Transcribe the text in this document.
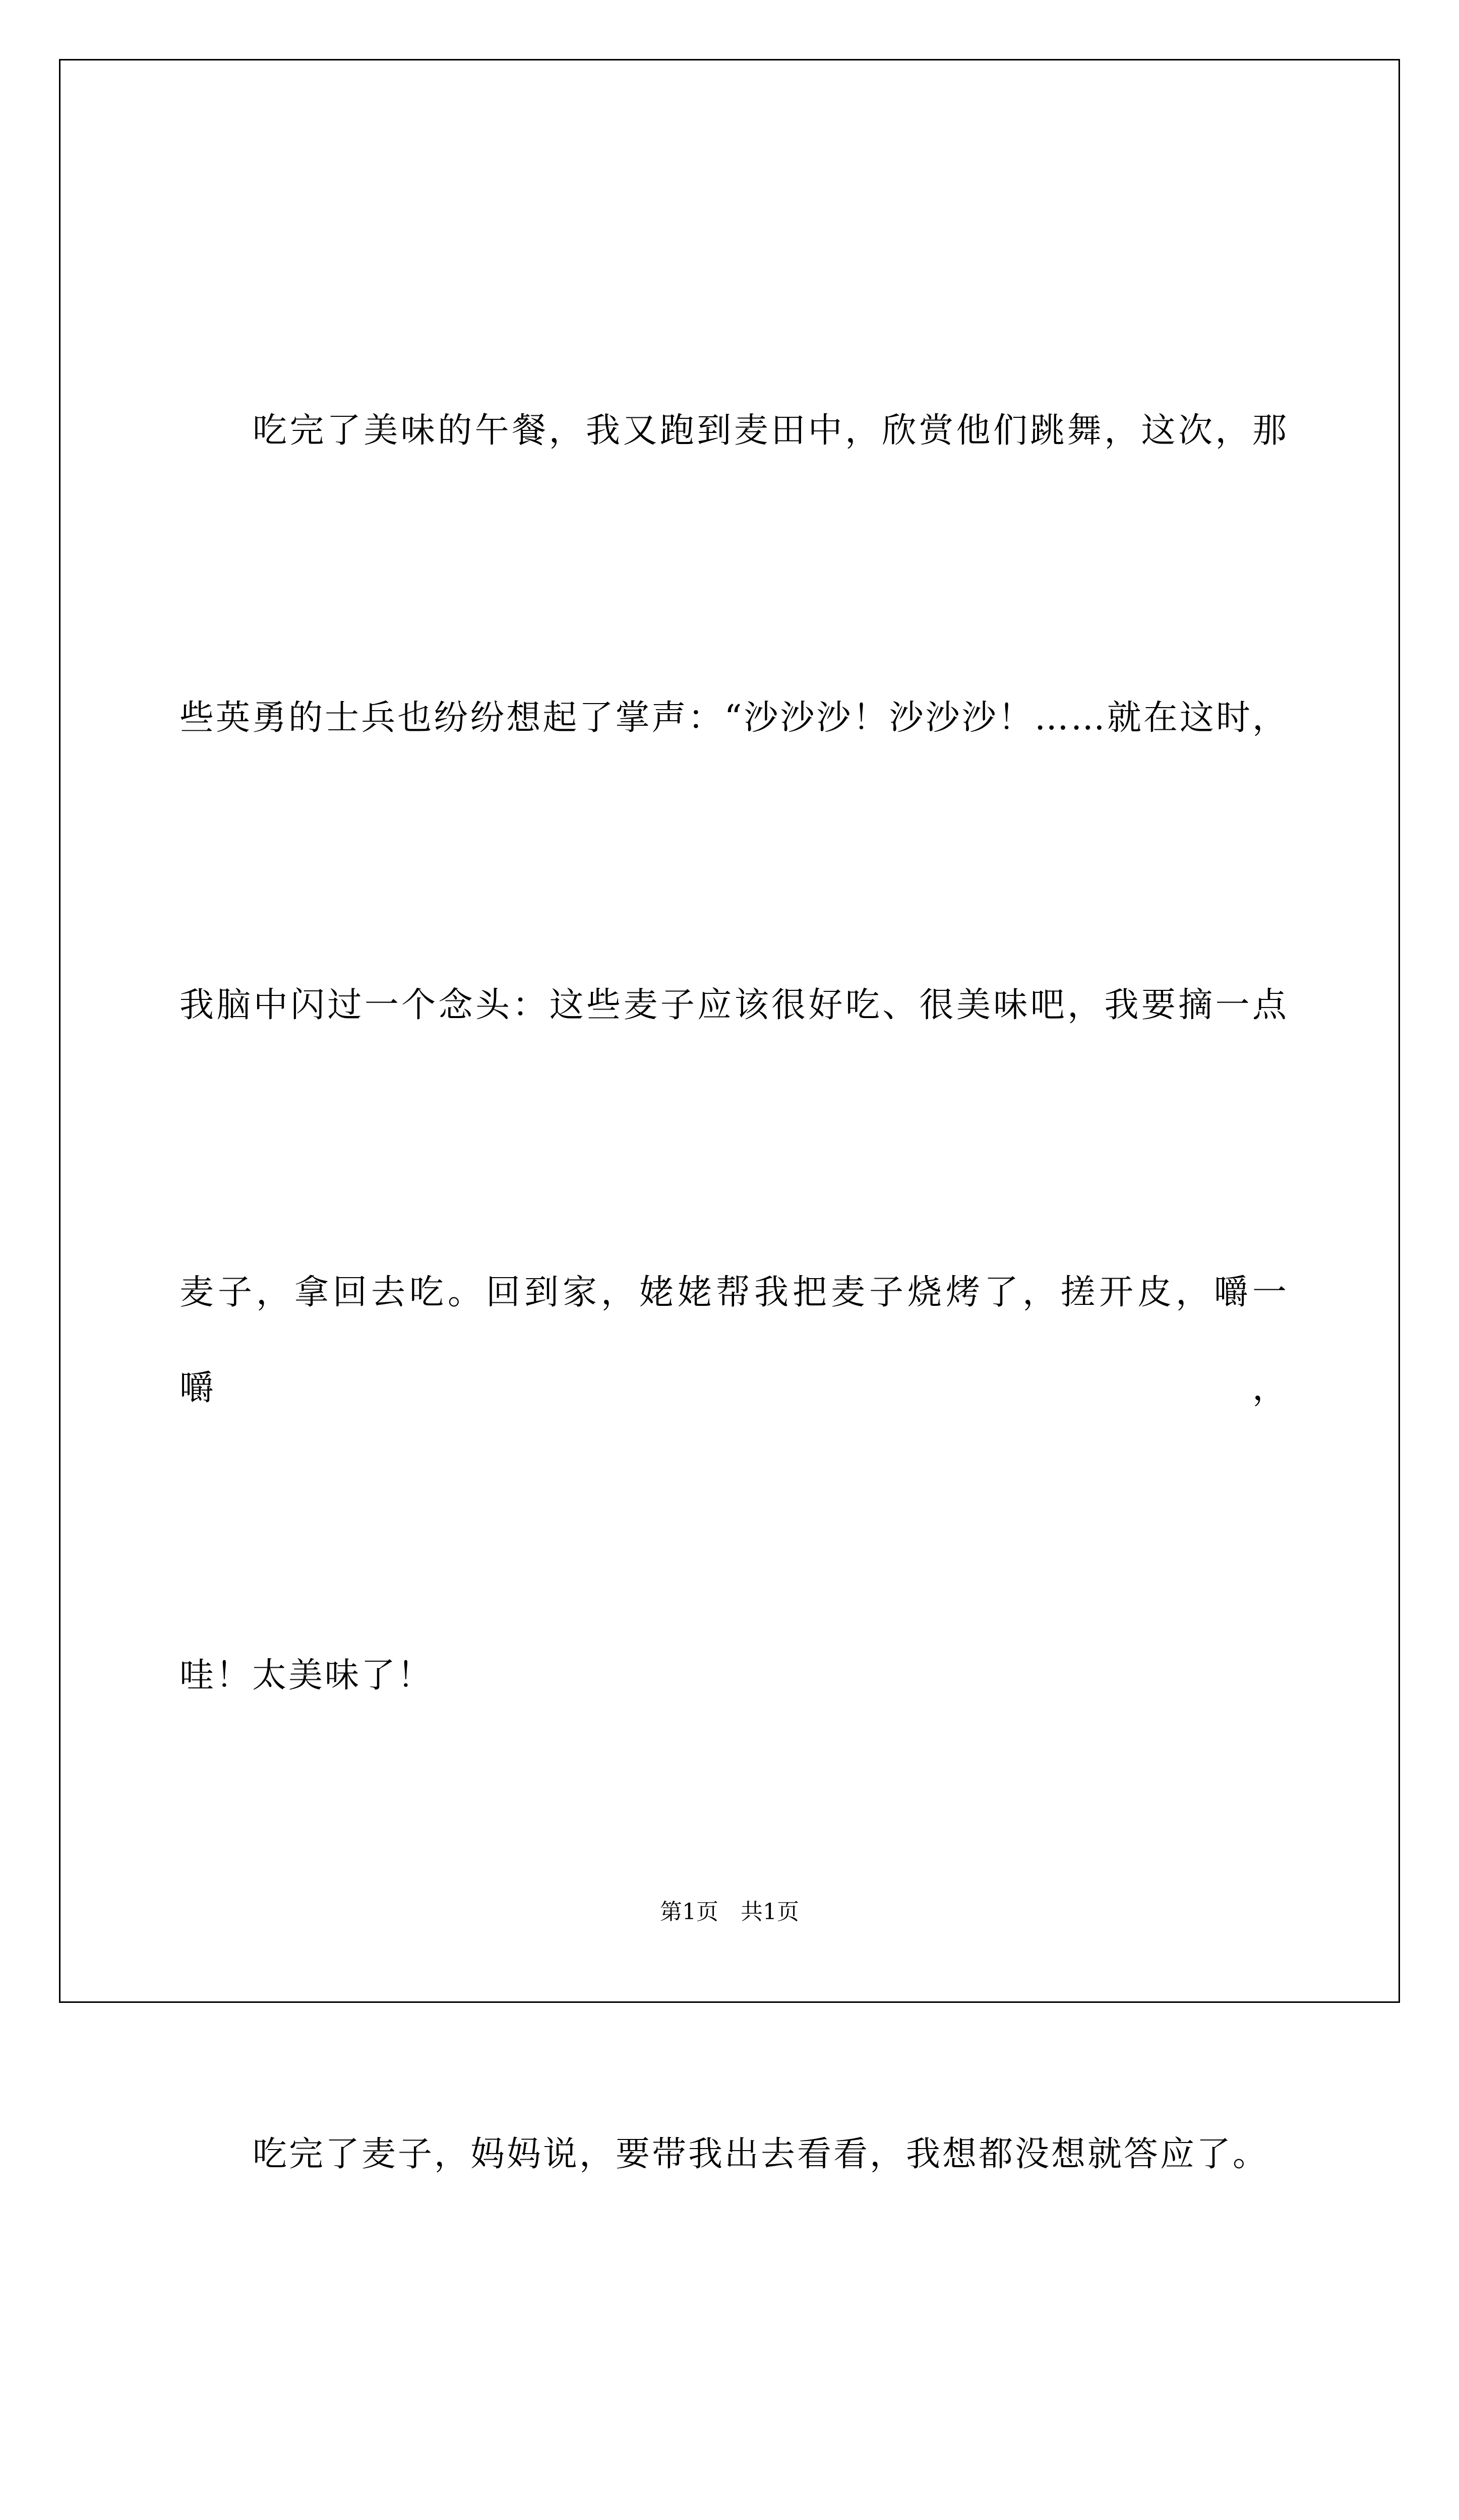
吃完了美味的午餐，我又跑到麦田中，欣赏他们跳舞，这次，那

些英勇的士兵也纷纷想起了掌声：“沙沙沙！沙沙沙！……就在这时，

我脑中闪过一个念头：这些麦子应该很好吃、很美味吧，我要摘一点

麦子，拿回去吃。回到家，姥姥帮我把麦子烧烤了，搓开皮，嚼一嚼，

哇！太美味了！

吃完了麦子，妈妈说，要带我出去看看，我想都没想就答应了。

第1页　共1页
